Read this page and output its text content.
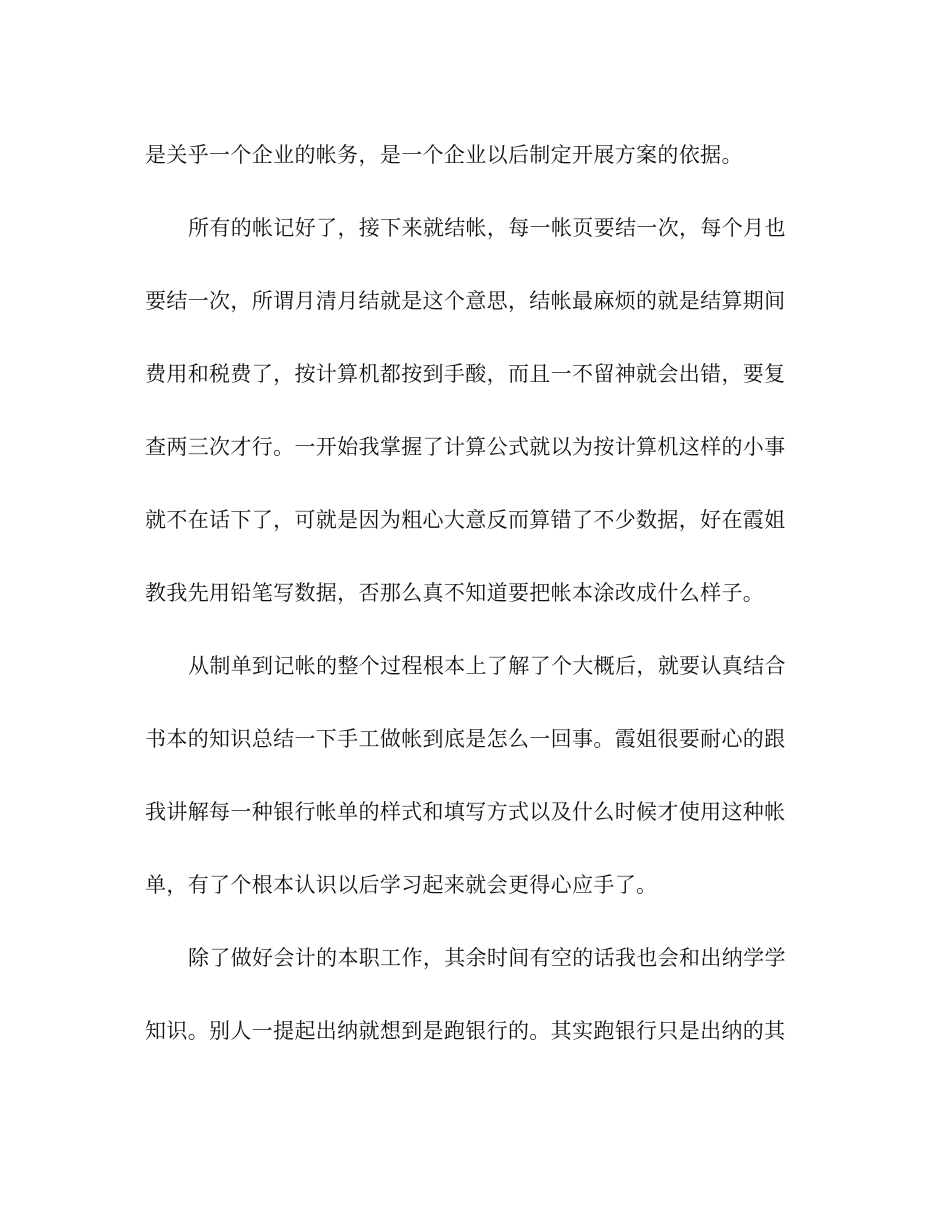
是关乎一个企业的帐务，是一个企业以后制定开展方案的依据。
所有的帐记好了，接下来就结帐，每一帐页要结一次，每个月也
要结一次，所谓月清月结就是这个意思，结帐最麻烦的就是结算期间
费用和税费了，按计算机都按到手酸，而且一不留神就会出错，要复
查两三次才行。一开始我掌握了计算公式就以为按计算机这样的小事
就不在话下了，可就是因为粗心大意反而算错了不少数据，好在霞姐
教我先用铅笔写数据，否那么真不知道要把帐本涂改成什么样子。
从制单到记帐的整个过程根本上了解了个大概后，就要认真结合
书本的知识总结一下手工做帐到底是怎么一回事。霞姐很要耐心的跟
我讲解每一种银行帐单的样式和填写方式以及什么时候才使用这种帐
单，有了个根本认识以后学习起来就会更得心应手了。
除了做好会计的本职工作，其余时间有空的话我也会和出纳学学
知识。别人一提起出纳就想到是跑银行的。其实跑银行只是出纳的其
